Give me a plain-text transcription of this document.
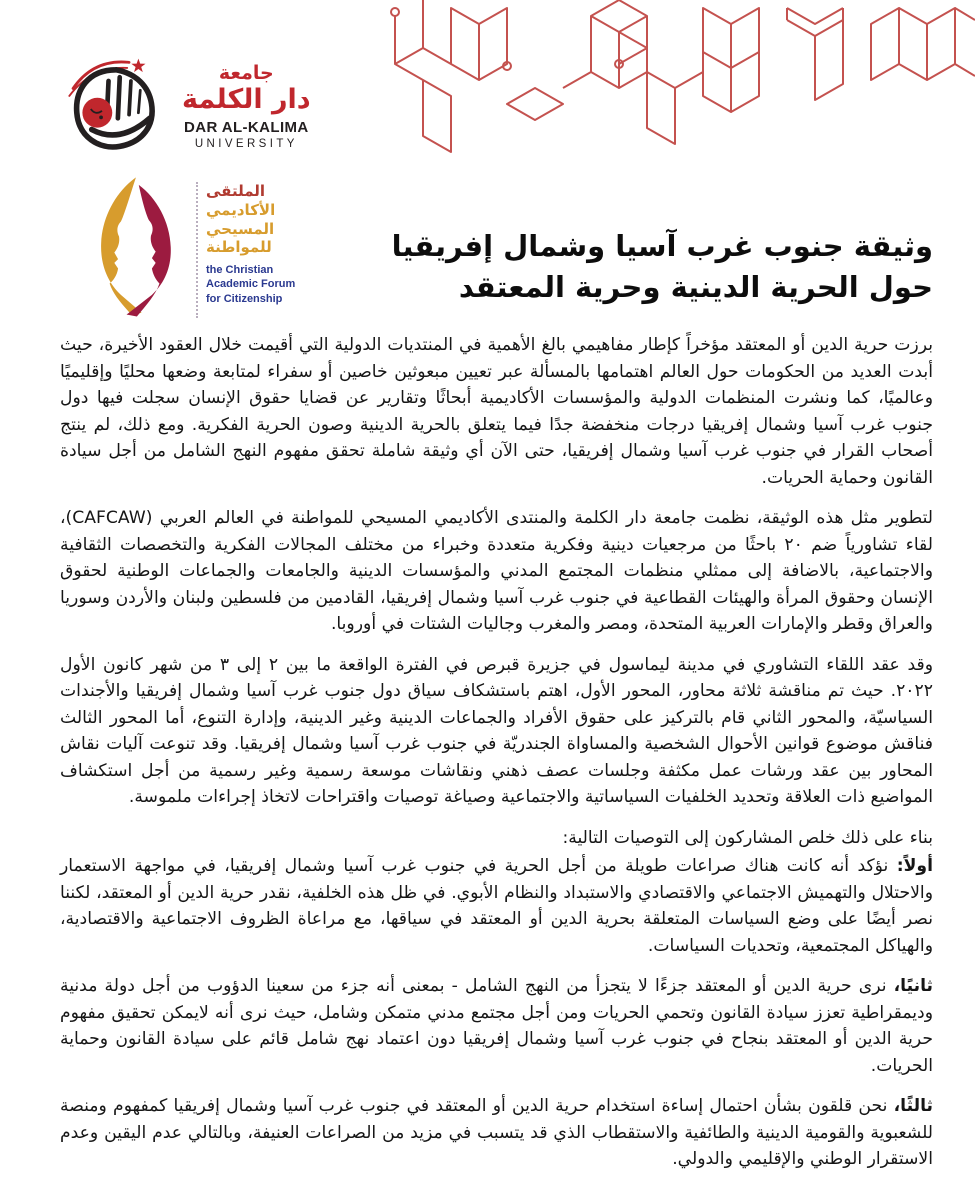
جامعة
دار الكلمة
DAR AL-KALIMA
UNIVERSITY
الملتقى
الأكاديمي
المسيحي
للمواطنة
the Christian
Academic Forum
for Citizenship
وثيقة جنوب غرب آسيا وشمال إفريقيا
حول الحرية الدينية وحرية المعتقد

برزت حرية الدين أو المعتقد مؤخراً كإطار مفاهيمي بالغ الأهمية في المنتديات الدولية التي أقيمت خلال العقود الأخيرة، حيث أبدت العديد من الحكومات حول العالم اهتمامها بالمسألة عبر تعيين مبعوثين خاصين أو سفراء لمتابعة وضعها محليًا وإقليميًا وعالميًا، كما ونشرت المنظمات الدولية والمؤسسات الأكاديمية أبحاثًا وتقارير عن قضايا حقوق الإنسان سجلت فيها دول جنوب غرب آسيا وشمال إفريقيا درجات منخفضة جدًا فيما يتعلق بالحرية الدينية وصون الحرية الفكرية. ومع ذلك، لم ينتج أصحاب القرار في جنوب غرب آسيا وشمال إفريقيا، حتى الآن أي وثيقة شاملة تحقق مفهوم النهج الشامل من أجل سيادة القانون وحماية الحريات.

لتطوير مثل هذه الوثيقة، نظمت جامعة دار الكلمة والمنتدى الأكاديمي المسيحي للمواطنة في العالم العربي (CAFCAW)، لقاء تشاورياً ضم ٢٠ باحثًا من مرجعيات دينية وفكرية متعددة وخبراء من مختلف المجالات الفكرية والتخصصات الثقافية والاجتماعية، بالاضافة إلى ممثلي منظمات المجتمع المدني والمؤسسات الدينية والجامعات والجماعات الوطنية لحقوق الإنسان وحقوق المرأة والهيئات القطاعية في جنوب غرب آسيا وشمال إفريقيا، القادمين من فلسطين ولبنان والأردن وسوريا والعراق وقطر والإمارات العربية المتحدة، ومصر والمغرب وجاليات الشتات في أوروبا.

وقد عقد اللقاء التشاوري في مدينة ليماسول في جزيرة قبرص في الفترة الواقعة ما بين ٢ إلى ٣ من شهر كانون الأول ٢٠٢٢. حيث تم مناقشة ثلاثة محاور، المحور الأول، اهتم باستشكاف سياق دول جنوب غرب آسيا وشمال إفريقيا والأجندات السياسيّة، والمحور الثاني قام بالتركيز على حقوق الأفراد والجماعات الدينية وغير الدينية، وإدارة التنوع، أما المحور الثالث فناقش موضوع قوانين الأحوال الشخصية والمساواة الجندريّة في جنوب غرب آسيا وشمال إفريقيا. وقد تنوعت آليات نقاش المحاور بين عقد ورشات عمل مكثفة وجلسات عصف ذهني ونقاشات موسعة رسمية وغير رسمية من أجل استكشاف المواضيع ذات العلاقة وتحديد الخلفيات السياساتية والاجتماعية وصياغة توصيات واقتراحات لاتخاذ إجراءات ملموسة.

بناء على ذلك خلص المشاركون إلى التوصيات التالية:

أولاً: نؤكد أنه كانت هناك صراعات طويلة من أجل الحرية في جنوب غرب آسيا وشمال إفريقيا، في مواجهة الاستعمار والاحتلال والتهميش الاجتماعي والاقتصادي والاستبداد والنظام الأبوي. في ظل هذه الخلفية، نقدر حرية الدين أو المعتقد، لكننا نصر أيضًا على وضع السياسات المتعلقة بحرية الدين أو المعتقد في سياقها، مع مراعاة الظروف الاجتماعية والاقتصادية، والهياكل المجتمعية، وتحديات السياسات.

ثانيًا، نرى حرية الدين أو المعتقد جزءًا لا يتجزأ من النهج الشامل - بمعنى أنه جزء من سعينا الدؤوب من أجل دولة مدنية وديمقراطية تعزز سيادة القانون وتحمي الحريات ومن أجل مجتمع مدني متمكن وشامل، حيث نرى أنه لايمكن تحقيق مفهوم حرية الدين أو المعتقد بنجاح في جنوب غرب آسيا وشمال إفريقيا دون اعتماد نهج شامل قائم على سيادة القانون وحماية الحريات.

ثالثًا، نحن قلقون بشأن احتمال إساءة استخدام حرية الدين أو المعتقد في جنوب غرب آسيا وشمال إفريقيا كمفهوم ومنصة للشعبوية والقومية الدينية والطائفية والاستقطاب الذي قد يتسبب في مزيد من الصراعات العنيفة، وبالتالي عدم اليقين وعدم الاستقرار الوطني والإقليمي والدولي.
